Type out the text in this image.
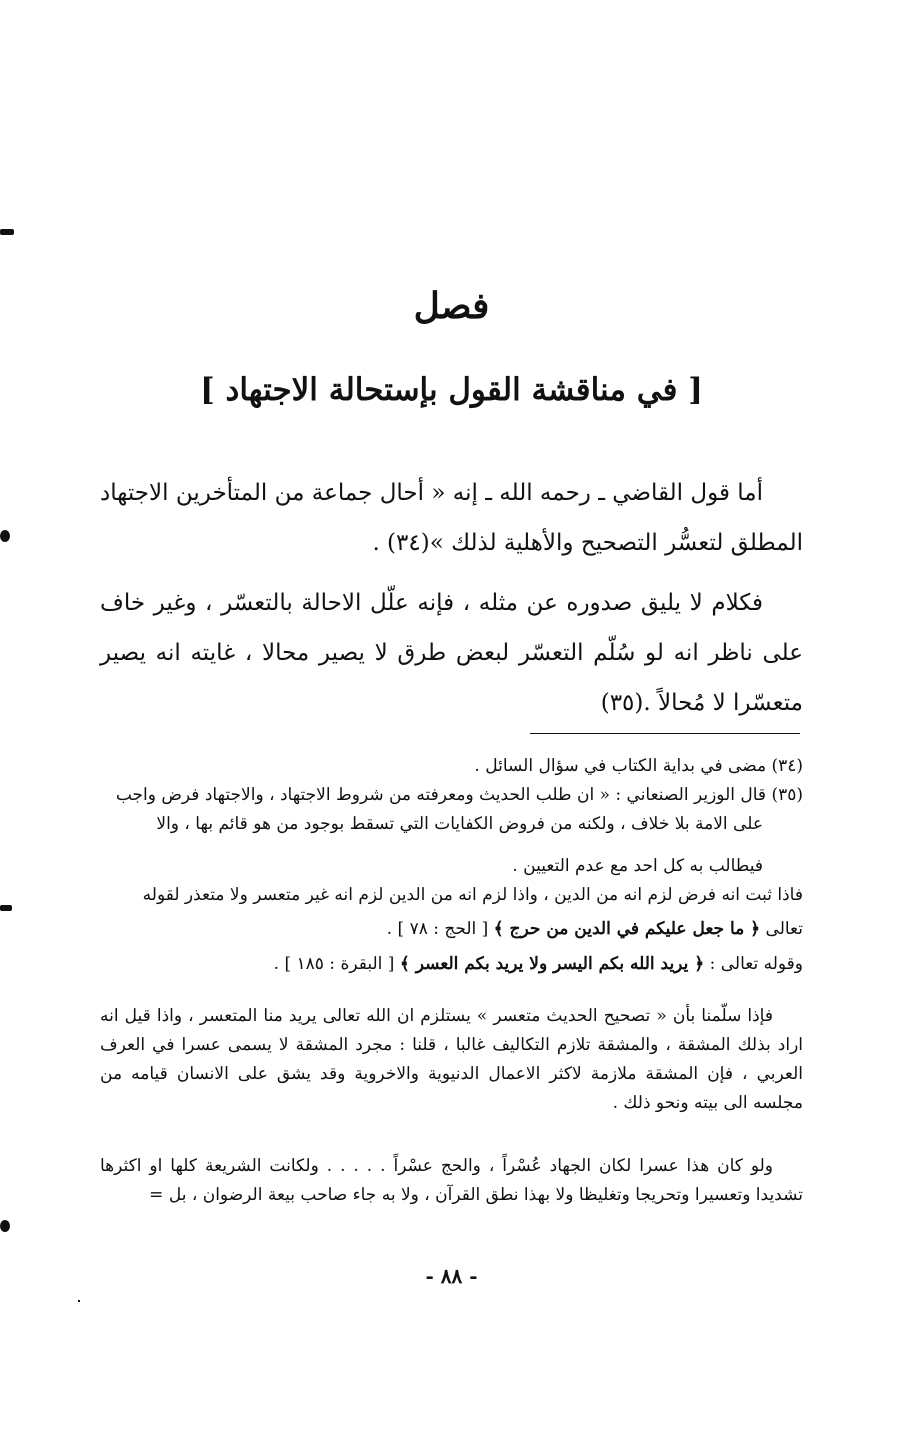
فصل
[ في مناقشة القول بإستحالة الاجتهاد ]

أما قول القاضي ـ رحمه الله ـ إنه « أحال جماعة من المتأخرين الاجتهاد المطلق لتعسُّر التصحيح والأهلية لذلك »(٣٤) .

فكلام لا يليق صدوره عن مثله ، فإنه علّل الاحالة بالتعسّر ، وغير خاف على ناظر انه لو سُلّم التعسّر لبعض طرق لا يصير محالا ، غايته انه يصير متعسّرا لا مُحالاً .(٣٥)

(٣٤) مضى في بداية الكتاب في سؤال السائل .

(٣٥) قال الوزير الصنعاني : « ان طلب الحديث ومعرفته من شروط الاجتهاد ، والاجتهاد فرض واجب

على الامة بلا خلاف ، ولكنه من فروض الكفايات التي تسقط بوجود من هو قائم بها ، والا

فيطالب به كل احد مع عدم التعيين .

فاذا ثبت انه فرض لزم انه من الدين ، واذا لزم انه من الدين لزم انه غير متعسر ولا متعذر لقوله

تعالى ﴿ ما جعل عليكم في الدين من حرج ﴾ [ الحج : ٧٨ ] .

وقوله تعالى : ﴿ يريد الله بكم اليسر ولا يريد بكم العسر ﴾ [ البقرة : ١٨٥ ] .

فإذا سلّمنا بأن « تصحيح الحديث متعسر » يستلزم ان الله تعالى يريد منا المتعسر ، واذا قيل انه اراد بذلك المشقة ، والمشقة تلازم التكاليف غالبا ، قلنا : مجرد المشقة لا يسمى عسرا في العرف العربي ، فإن المشقة ملازمة لاكثر الاعمال الدنيوية والاخروية وقد يشق على الانسان قيامه من مجلسه الى بيته ونحو ذلك .

ولو كان هذا عسرا لكان الجهاد عُسْراً ، والحج عسْراً . . . . . ولكانت الشريعة كلها او اكثرها تشديدا وتعسيرا وتحريجا وتغليظا ولا بهذا نطق القرآن ، ولا به جاء صاحب بيعة الرضوان ، بل =

- ٨٨ -
